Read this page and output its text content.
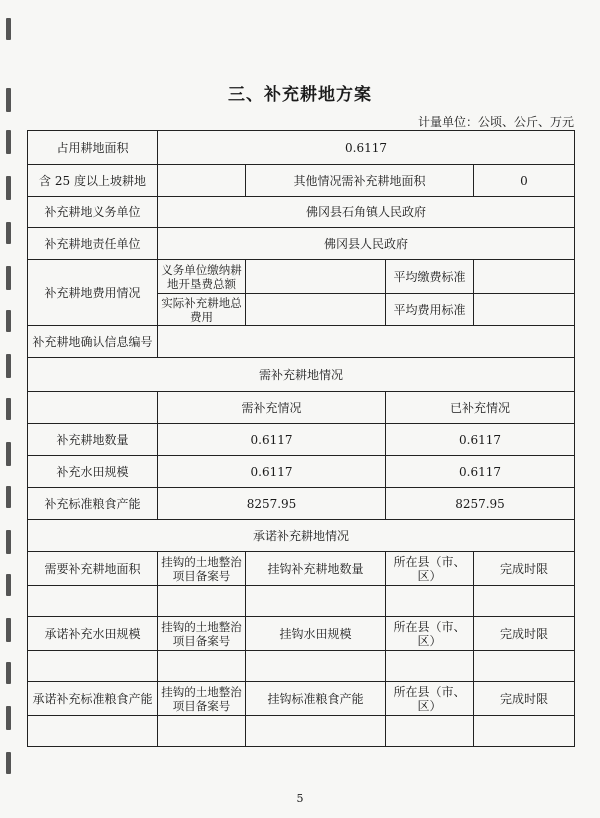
三、补充耕地方案
计量单位：公顷、公斤、万元
占用耕地面积	0.6117			
含 25 度以上坡耕地		其他情况需补充耕地面积		0
补充耕地义务单位	佛冈县石角镇人民政府			
补充耕地责任单位	佛冈县人民政府			
补充耕地费用情况	义务单位缴纳耕地开垦费总额		平均缴费标准	
	实际补充耕地总费用		平均费用标准	
补充耕地确认信息编号				
需补充耕地情况				
	需补充情况		已补充情况	
补充耕地数量	0.6117		0.6117	
补充水田规模	0.6117		0.6117	
补充标准粮食产能	8257.95		8257.95	
承诺补充耕地情况				
需要补充耕地面积	挂钩的土地整治项目备案号	挂钩补充耕地数量	所在县（市、区）	完成时限

承诺补充水田规模	挂钩的土地整治项目备案号	挂钩水田规模	所在县（市、区）	完成时限

承诺补充标准粮食产能	挂钩的土地整治项目备案号	挂钩标准粮食产能	所在县（市、区）	完成时限

5
